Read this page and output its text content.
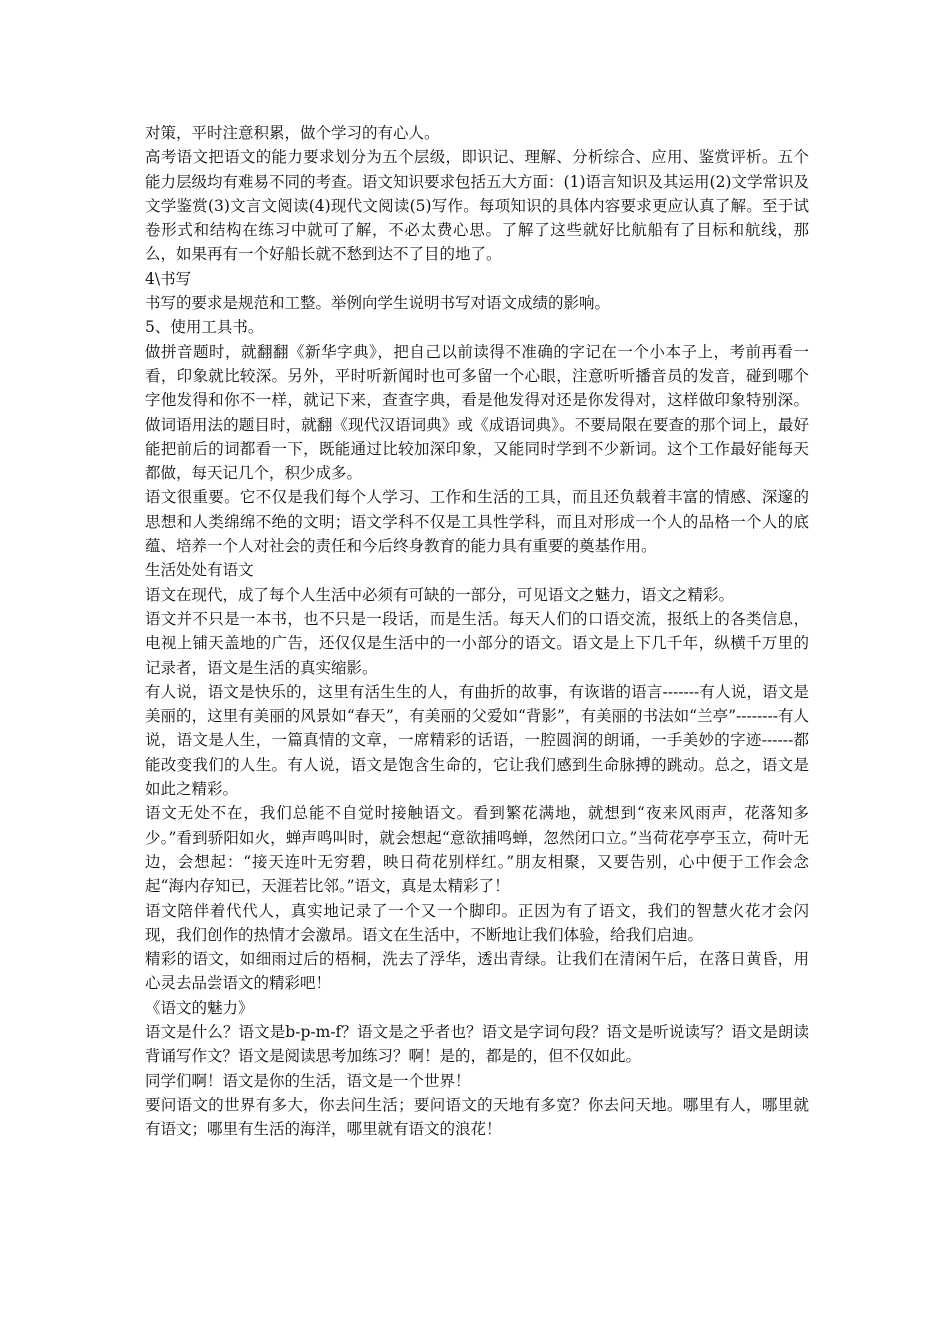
对策，平时注意积累，做个学习的有心人。

高考语文把语文的能力要求划分为五个层级，即识记、理解、分析综合、应用、鉴赏评析。五个能力层级均有难易不同的考查。语文知识要求包括五大方面：(1)语言知识及其运用(2)文学常识及文学鉴赏(3)文言文阅读(4)现代文阅读(5)写作。每项知识的具体内容要求更应认真了解。至于试卷形式和结构在练习中就可了解，不必太费心思。了解了这些就好比航船有了目标和航线，那么，如果再有一个好船长就不愁到达不了目的地了。

4\书写

书写的要求是规范和工整。举例向学生说明书写对语文成绩的影响。

5、使用工具书。

做拼音题时，就翻翻《新华字典》，把自己以前读得不准确的字记在一个小本子上，考前再看一看，印象就比较深。另外，平时听新闻时也可多留一个心眼，注意听听播音员的发音，碰到哪个字他发得和你不一样，就记下来，查查字典，看是他发得对还是你发得对，这样做印象特别深。做词语用法的题目时，就翻《现代汉语词典》或《成语词典》。不要局限在要查的那个词上，最好能把前后的词都看一下，既能通过比较加深印象，又能同时学到不少新词。这个工作最好能每天都做，每天记几个，积少成多。

语文很重要。它不仅是我们每个人学习、工作和生活的工具，而且还负载着丰富的情感、深邃的思想和人类绵绵不绝的文明；语文学科不仅是工具性学科，而且对形成一个人的品格一个人的底蕴、培养一个人对社会的责任和今后终身教育的能力具有重要的奠基作用。

生活处处有语文

语文在现代，成了每个人生活中必须有可缺的一部分，可见语文之魅力，语文之精彩。

语文并不只是一本书，也不只是一段话，而是生活。每天人们的口语交流，报纸上的各类信息，电视上铺天盖地的广告，还仅仅是生活中的一小部分的语文。语文是上下几千年，纵横千万里的记录者，语文是生活的真实缩影。

有人说，语文是快乐的，这里有活生生的人，有曲折的故事，有诙谐的语言-------有人说，语文是美丽的，这里有美丽的风景如“春天”，有美丽的父爱如“背影”，有美丽的书法如“兰亭”--------有人说，语文是人生，一篇真情的文章，一席精彩的话语，一腔圆润的朗诵，一手美妙的字迹------都能改变我们的人生。有人说，语文是饱含生命的，它让我们感到生命脉搏的跳动。总之，语文是如此之精彩。

语文无处不在，我们总能不自觉时接触语文。看到繁花满地，就想到“夜来风雨声，花落知多少。”看到骄阳如火，蝉声鸣叫时，就会想起“意欲捕鸣蝉，忽然闭口立。”当荷花亭亭玉立，荷叶无边，会想起：“接天连叶无穷碧，映日荷花别样红。”朋友相聚，又要告别，心中便于工作会念起“海内存知已，天涯若比邻。”语文，真是太精彩了！

语文陪伴着代代人，真实地记录了一个又一个脚印。正因为有了语文，我们的智慧火花才会闪现，我们创作的热情才会激昂。语文在生活中，不断地让我们体验，给我们启迪。

精彩的语文，如细雨过后的梧桐，洗去了浮华，透出青绿。让我们在清闲午后，在落日黄昏，用心灵去品尝语文的精彩吧！

《语文的魅力》

语文是什么？语文是b-p-m-f？语文是之乎者也？语文是字词句段？语文是听说读写？语文是朗读背诵写作文？语文是阅读思考加练习？啊！是的，都是的，但不仅如此。

同学们啊！语文是你的生活，语文是一个世界！

要问语文的世界有多大，你去问生活；要问语文的天地有多宽？你去问天地。哪里有人，哪里就有语文；哪里有生活的海洋，哪里就有语文的浪花！
